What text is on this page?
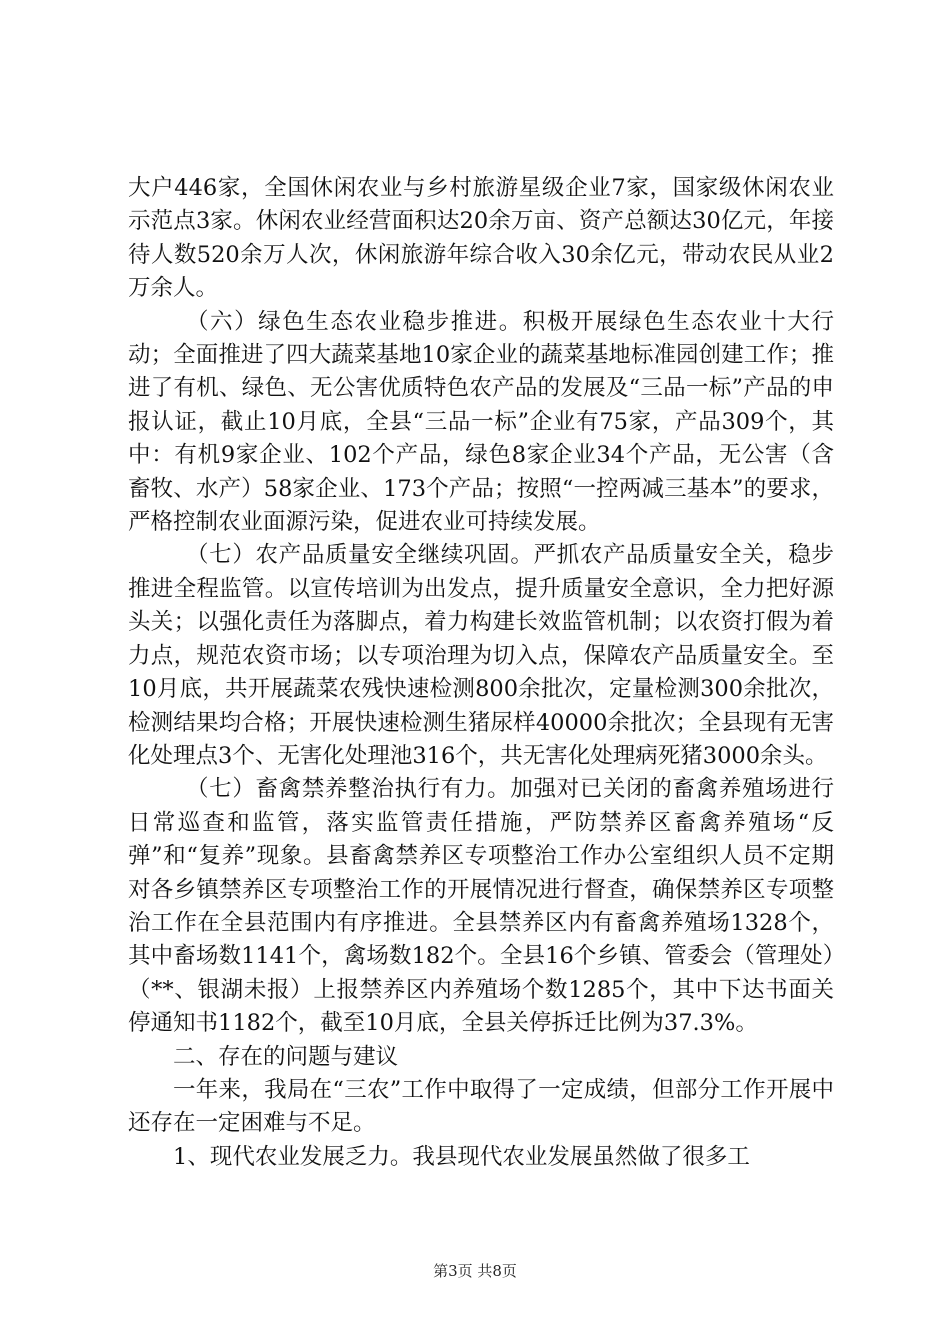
大户446家，全国休闲农业与乡村旅游星级企业7家，国家级休闲农业示范点3家。休闲农业经营面积达20余万亩、资产总额达30亿元，年接待人数520余万人次，休闲旅游年综合收入30余亿元，带动农民从业2万余人。

（六）绿色生态农业稳步推进。积极开展绿色生态农业十大行动；全面推进了四大蔬菜基地10家企业的蔬菜基地标准园创建工作；推进了有机、绿色、无公害优质特色农产品的发展及“三品一标”产品的申报认证，截止10月底，全县“三品一标”企业有75家，产品309个，其中：有机9家企业、102个产品，绿色8家企业34个产品，无公害（含畜牧、水产）58家企业、173个产品；按照“一控两减三基本”的要求，严格控制农业面源污染，促进农业可持续发展。

（七）农产品质量安全继续巩固。严抓农产品质量安全关，稳步推进全程监管。以宣传培训为出发点，提升质量安全意识，全力把好源头关；以强化责任为落脚点，着力构建长效监管机制；以农资打假为着力点，规范农资市场；以专项治理为切入点，保障农产品质量安全。至10月底，共开展蔬菜农残快速检测800余批次，定量检测300余批次，检测结果均合格；开展快速检测生猪尿样40000余批次；全县现有无害化处理点3个、无害化处理池316个，共无害化处理病死猪3000余头。

（七）畜禽禁养整治执行有力。加强对已关闭的畜禽养殖场进行日常巡查和监管，落实监管责任措施，严防禁养区畜禽养殖场“反弹”和“复养”现象。县畜禽禁养区专项整治工作办公室组织人员不定期对各乡镇禁养区专项整治工作的开展情况进行督查，确保禁养区专项整治工作在全县范围内有序推进。全县禁养区内有畜禽养殖场1328个，其中畜场数1141个，禽场数182个。全县16个乡镇、管委会（管理处）（**、银湖未报）上报禁养区内养殖场个数1285个，其中下达书面关停通知书1182个，截至10月底，全县关停拆迁比例为37.3%。

二、存在的问题与建议

一年来，我局在“三农”工作中取得了一定成绩，但部分工作开展中还存在一定困难与不足。

1、现代农业发展乏力。我县现代农业发展虽然做了很多工

第3页 共8页
